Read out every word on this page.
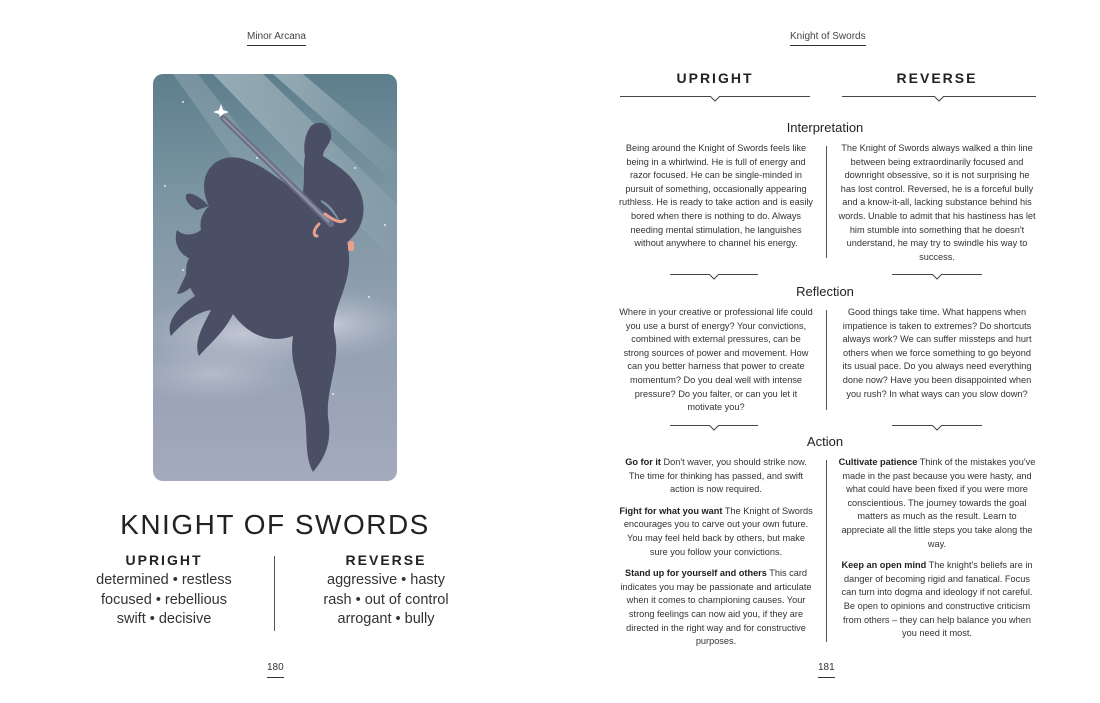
Minor Arcana
KNIGHT OF SWORDS
UPRIGHT
determined • restless
focused • rebellious
swift • decisive
REVERSE
aggressive • hasty
rash • out of control
arrogant • bully
180
Knight of Swords
UPRIGHT	REVERSE
Interpretation
Being around the Knight of Swords feels like being in a whirlwind. He is full of energy and razor focused. He can be single-minded in pursuit of something, occasionally appearing ruthless. He is ready to take action and is easily bored when there is nothing to do. Always needing mental stimulation, he languishes without anywhere to channel his energy.
The Knight of Swords always walked a thin line between being extraordinarily focused and downright obsessive, so it is not surprising he has lost control. Reversed, he is a forceful bully and a know-it-all, lacking substance behind his words. Unable to admit that his hastiness has let him stumble into something that he doesn't understand, he may try to swindle his way to success.
Reflection
Where in your creative or professional life could you use a burst of energy? Your convictions, combined with external pressures, can be strong sources of power and movement. How can you better harness that power to create momentum? Do you deal well with intense pressure? Do you falter, or can you let it motivate you?
Good things take time. What happens when impatience is taken to extremes? Do shortcuts always work? We can suffer missteps and hurt others when we force something to go beyond its usual pace. Do you always need everything done now? Have you been disappointed when you rush? In what ways can you slow down?
Action
Go for it Don't waver, you should strike now. The time for thinking has passed, and swift action is now required.
Fight for what you want The Knight of Swords encourages you to carve out your own future. You may feel held back by others, but make sure you follow your convictions.
Stand up for yourself and others This card indicates you may be passionate and articulate when it comes to championing causes. Your strong feelings can now aid you, if they are directed in the right way and for constructive purposes.
Cultivate patience Think of the mistakes you've made in the past because you were hasty, and what could have been fixed if you were more conscientious. The journey towards the goal matters as much as the result. Learn to appreciate all the little steps you take along the way.
Keep an open mind The knight's beliefs are in danger of becoming rigid and fanatical. Focus can turn into dogma and ideology if not careful. Be open to opinions and constructive criticism from others – they can help balance you when you need it most.
181
